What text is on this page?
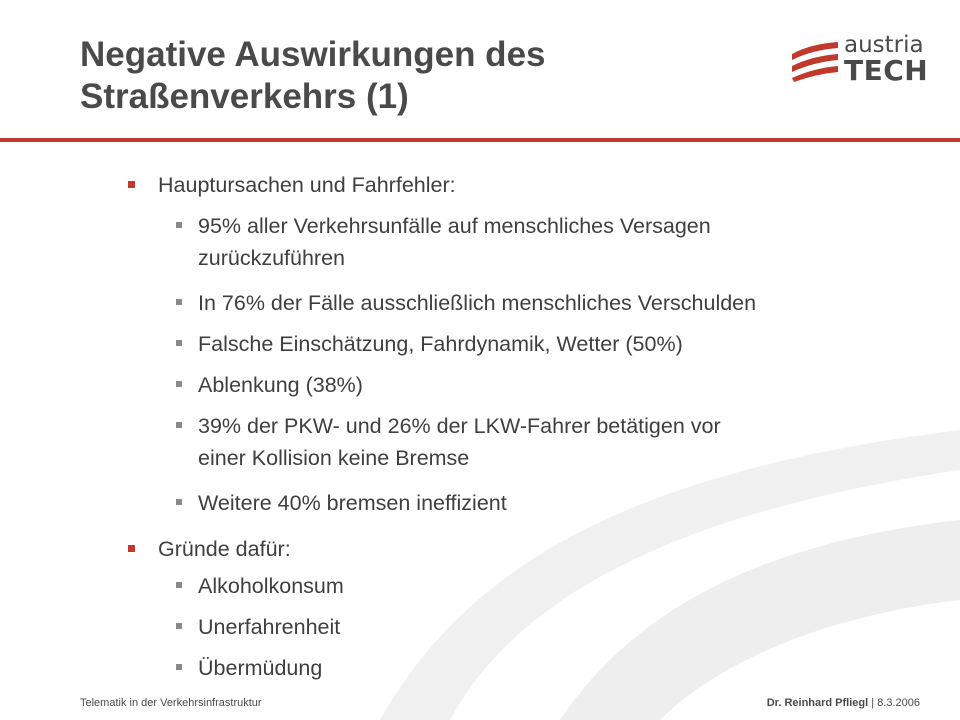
Negative Auswirkungen des
Straßenverkehrs (1)
austria
TECH
Hauptursachen und Fahrfehler:
95% aller Verkehrsunfälle auf menschliches Versagen
zurückzuführen
In 76% der Fälle ausschließlich menschliches Verschulden
Falsche Einschätzung, Fahrdynamik, Wetter (50%)
Ablenkung (38%)
39% der PKW- und 26% der LKW-Fahrer betätigen vor
einer Kollision keine Bremse
Weitere 40% bremsen ineffizient
Gründe dafür:
Alkoholkonsum
Unerfahrenheit
Übermüdung
Telematik in der Verkehrsinfrastruktur	Dr. Reinhard Pfliegl | 8.3.2006
